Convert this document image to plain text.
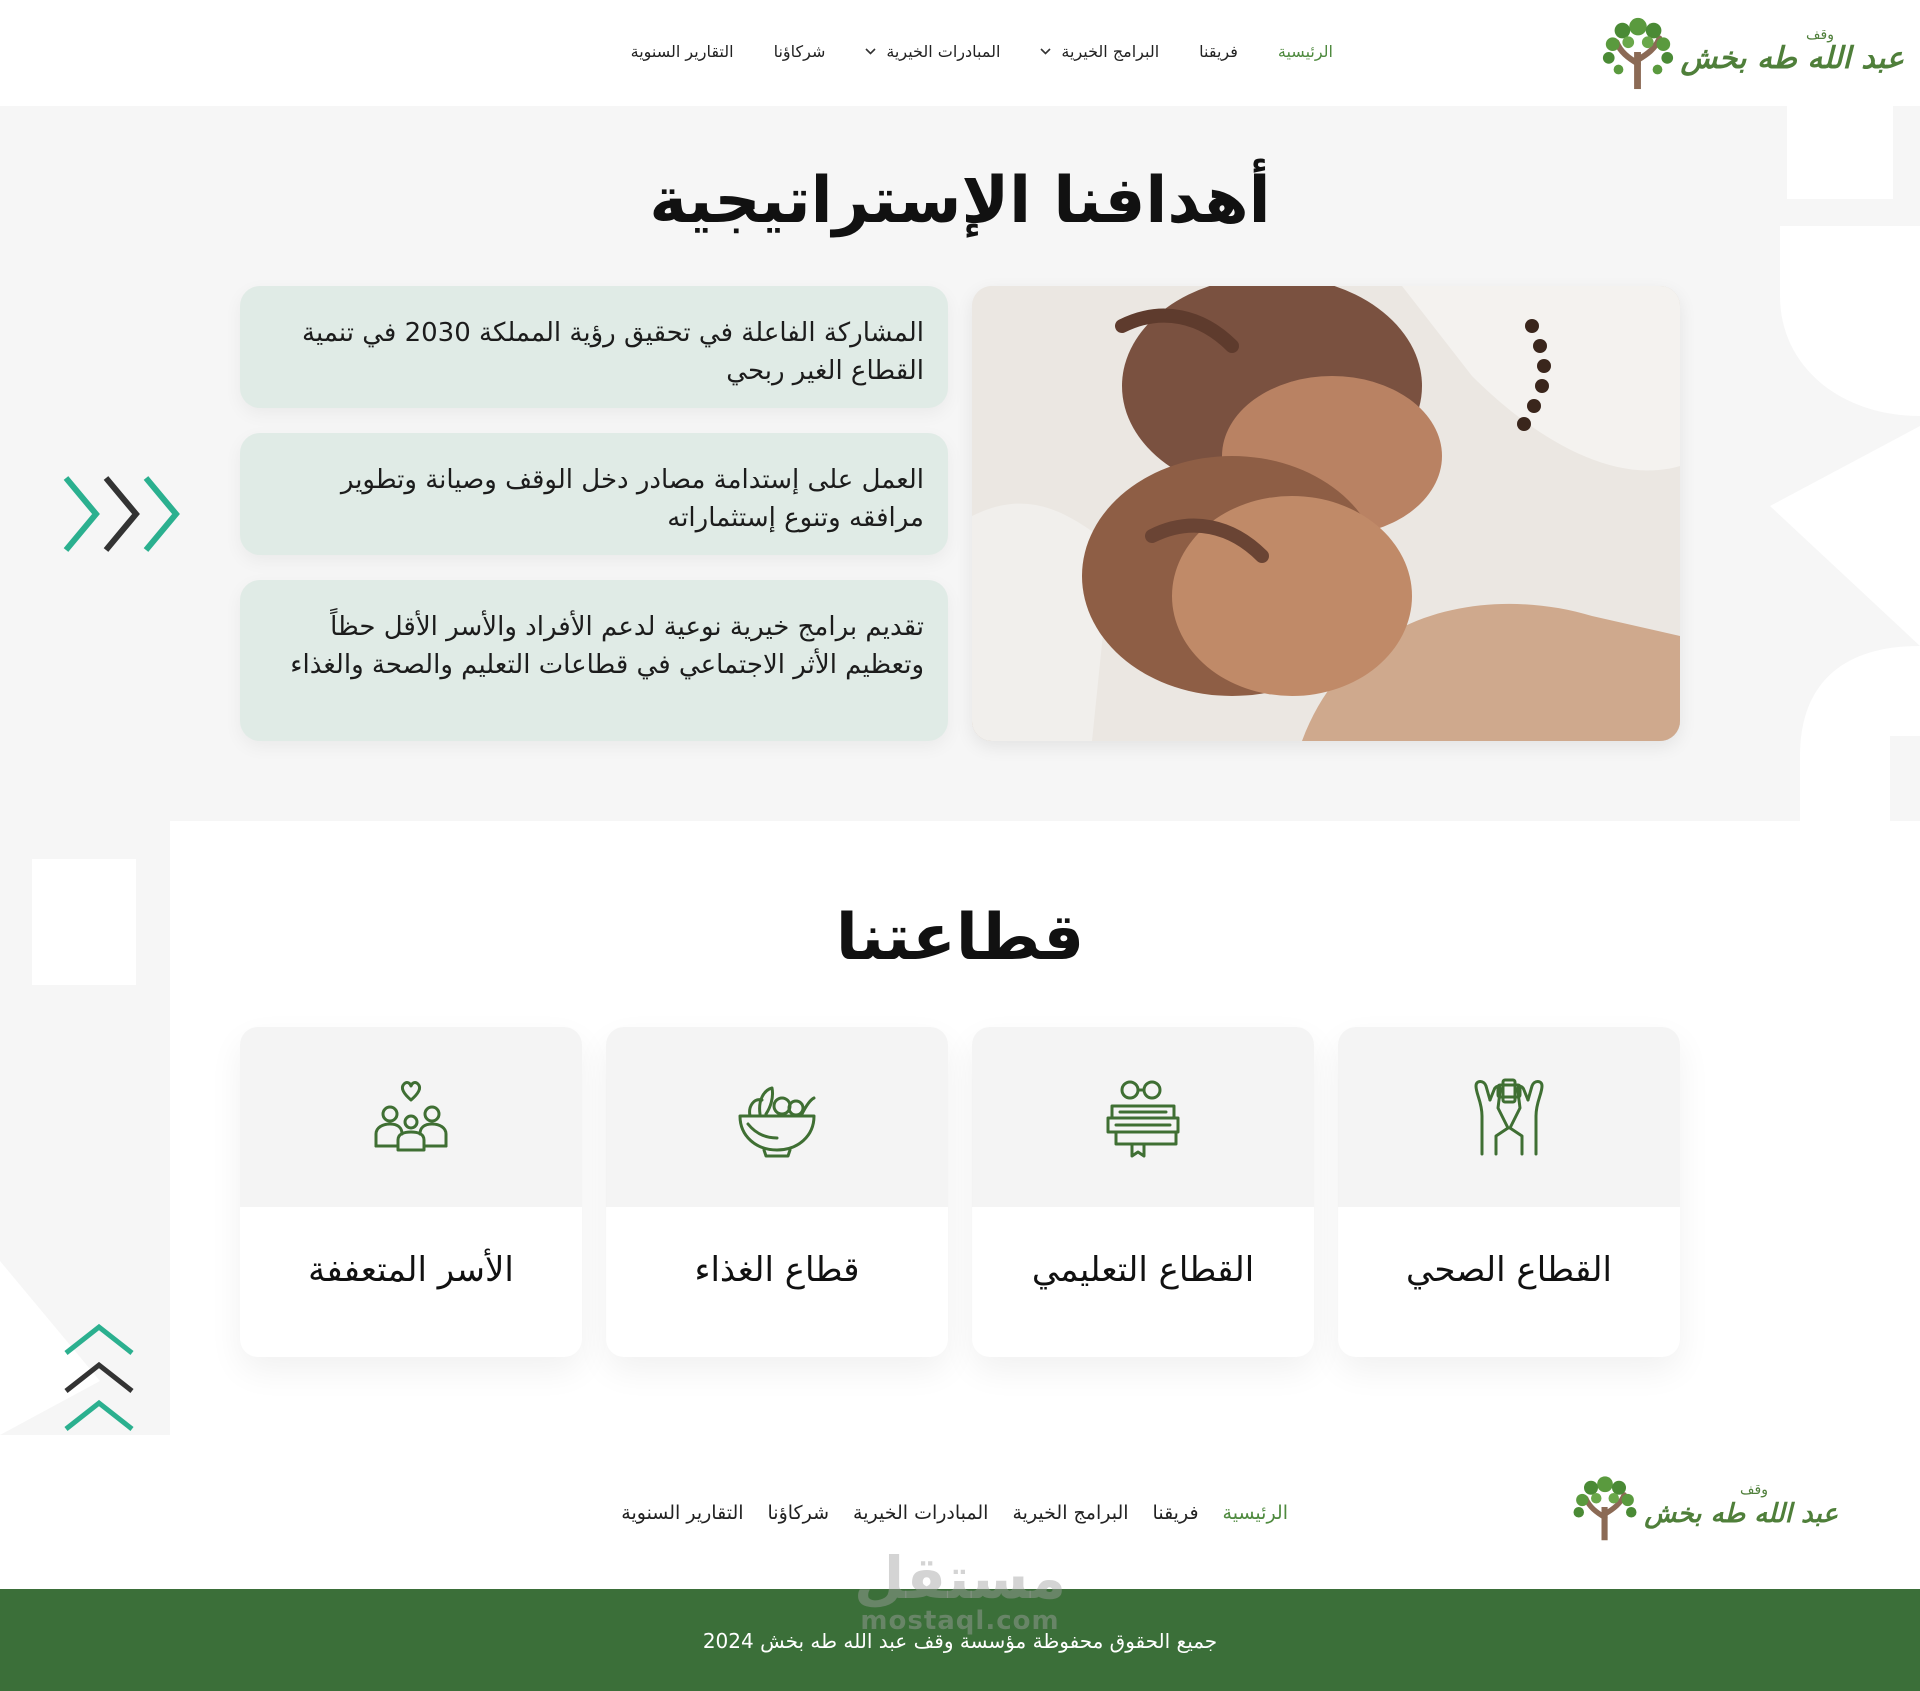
وقف
عبد الله طه بخش
الرئيسية
فريقنا
البرامج الخيرية
المبادرات الخيرية
شركاؤنا
التقارير السنوية
أهدافنا الإستراتيجية

المشاركة الفاعلة في تحقيق رؤية المملكة 2030 في تنمية القطاع الغير ربحي

العمل على إستدامة مصادر دخل الوقف وصيانة وتطوير مرافقه وتنوع إستثماراته

تقديم برامج خيرية نوعية لدعم الأفراد والأسر الأقل حظاً وتعظيم الأثر الاجتماعي في قطاعات التعليم والصحة والغذاء

قطاعتنا
القطاع الصحي
القطاع التعليمي
قطاع الغذاء
الأسر المتعففة
وقف
عبد الله طه بخش
الرئيسية
فريقنا
البرامج الخيرية
المبادرات الخيرية
شركاؤنا
التقارير السنوية
جميع الحقوق محفوظة مؤسسة وقف عبد الله طه بخش 2024
مستقل
mostaql.com
